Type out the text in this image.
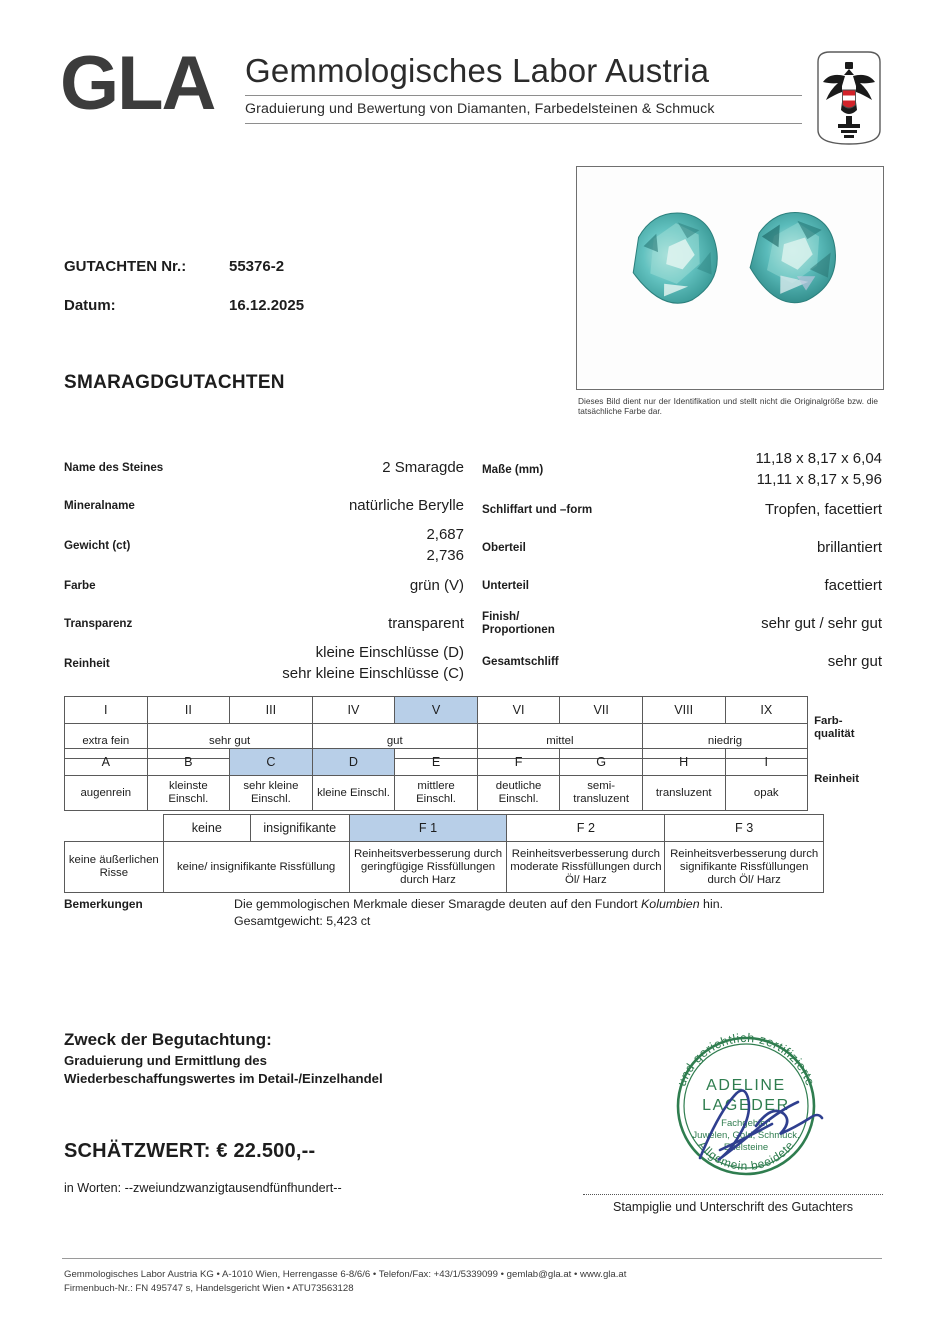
GLA Gemmologisches Labor Austria
Graduierung und Bewertung von Diamanten, Farbedelsteinen & Schmuck
GUTACHTEN Nr.:	55376-2
Datum:	16.12.2025
SMARAGDGUTACHTEN
Dieses Bild dient nur der Identifikation und stellt nicht die Originalgröße bzw. die tatsächliche Farbe dar.
Name des Steines	2 Smaragde
Mineralname	natürliche Berylle
Gewicht (ct)
2,687
2,736
Farbe	grün (V)
Transparenz	transparent
Reinheit
kleine Einschlüsse (D)
sehr kleine Einschlüsse (C)
Maße (mm)
11,18 x 8,17 x 6,04
11,11 x 8,17 x 5,96
Schliffart und –form	Tropfen, facettiert
Oberteil	brillantiert
Unterteil	facettiert
Finish/
Proportionen	sehr gut / sehr gut
Gesamtschliff	sehr gut
I	II	III	IV	V	VI	VII	VIII	IX	Farb-
qualität

extra fein	sehr gut		gut		mittel		niedrig		
A	B	C	D	E	F	G	H	I	Reinheit
augenrein	kleinste Einschl.	sehr kleine Einschl.	kleine Einschl.	mittlere Einschl.	deutliche Einschl.	semi- transluzent	transluzent	opak	
	keine	insignifikante	F 1	F 2	F 3
keine äußerlichen Risse	keine/ insignifikante Rissfüllung		Reinheitsverbesserung durch geringfügige Rissfüllungen durch Harz	Reinheitsverbesserung durch moderate Rissfüllungen durch Öl/ Harz	Reinheitsverbesserung durch signifikante Rissfüllungen durch Öl/ Harz
Bemerkungen	Die gemmologischen Merkmale dieser Smaragde deuten auf den Fundort Kolumbien hin.
Gesamtgewicht: 5,423 ct
Zweck der Begutachtung:
Graduierung und Ermittlung des
Wiederbeschaffungswertes im Detail-/Einzelhandel
SCHÄTZWERT: € 22.500,--
in Worten: --zweiundzwanzigtausendfünfhundert--
und gerichtlich zertifizierte
Allgemein beeidete
ADELINE
LAGEDER
Fachgebiet:
Juwelen, Gold, Schmuck,
Edelsteine
Stampiglie und Unterschrift des Gutachters
Gemmologisches Labor Austria KG • A-1010 Wien, Herrengasse 6-8/6/6 • Telefon/Fax: +43/1/5339099 • gemlab@gla.at • www.gla.at
Firmenbuch-Nr.: FN 495747 s, Handelsgericht Wien • ATU73563128
